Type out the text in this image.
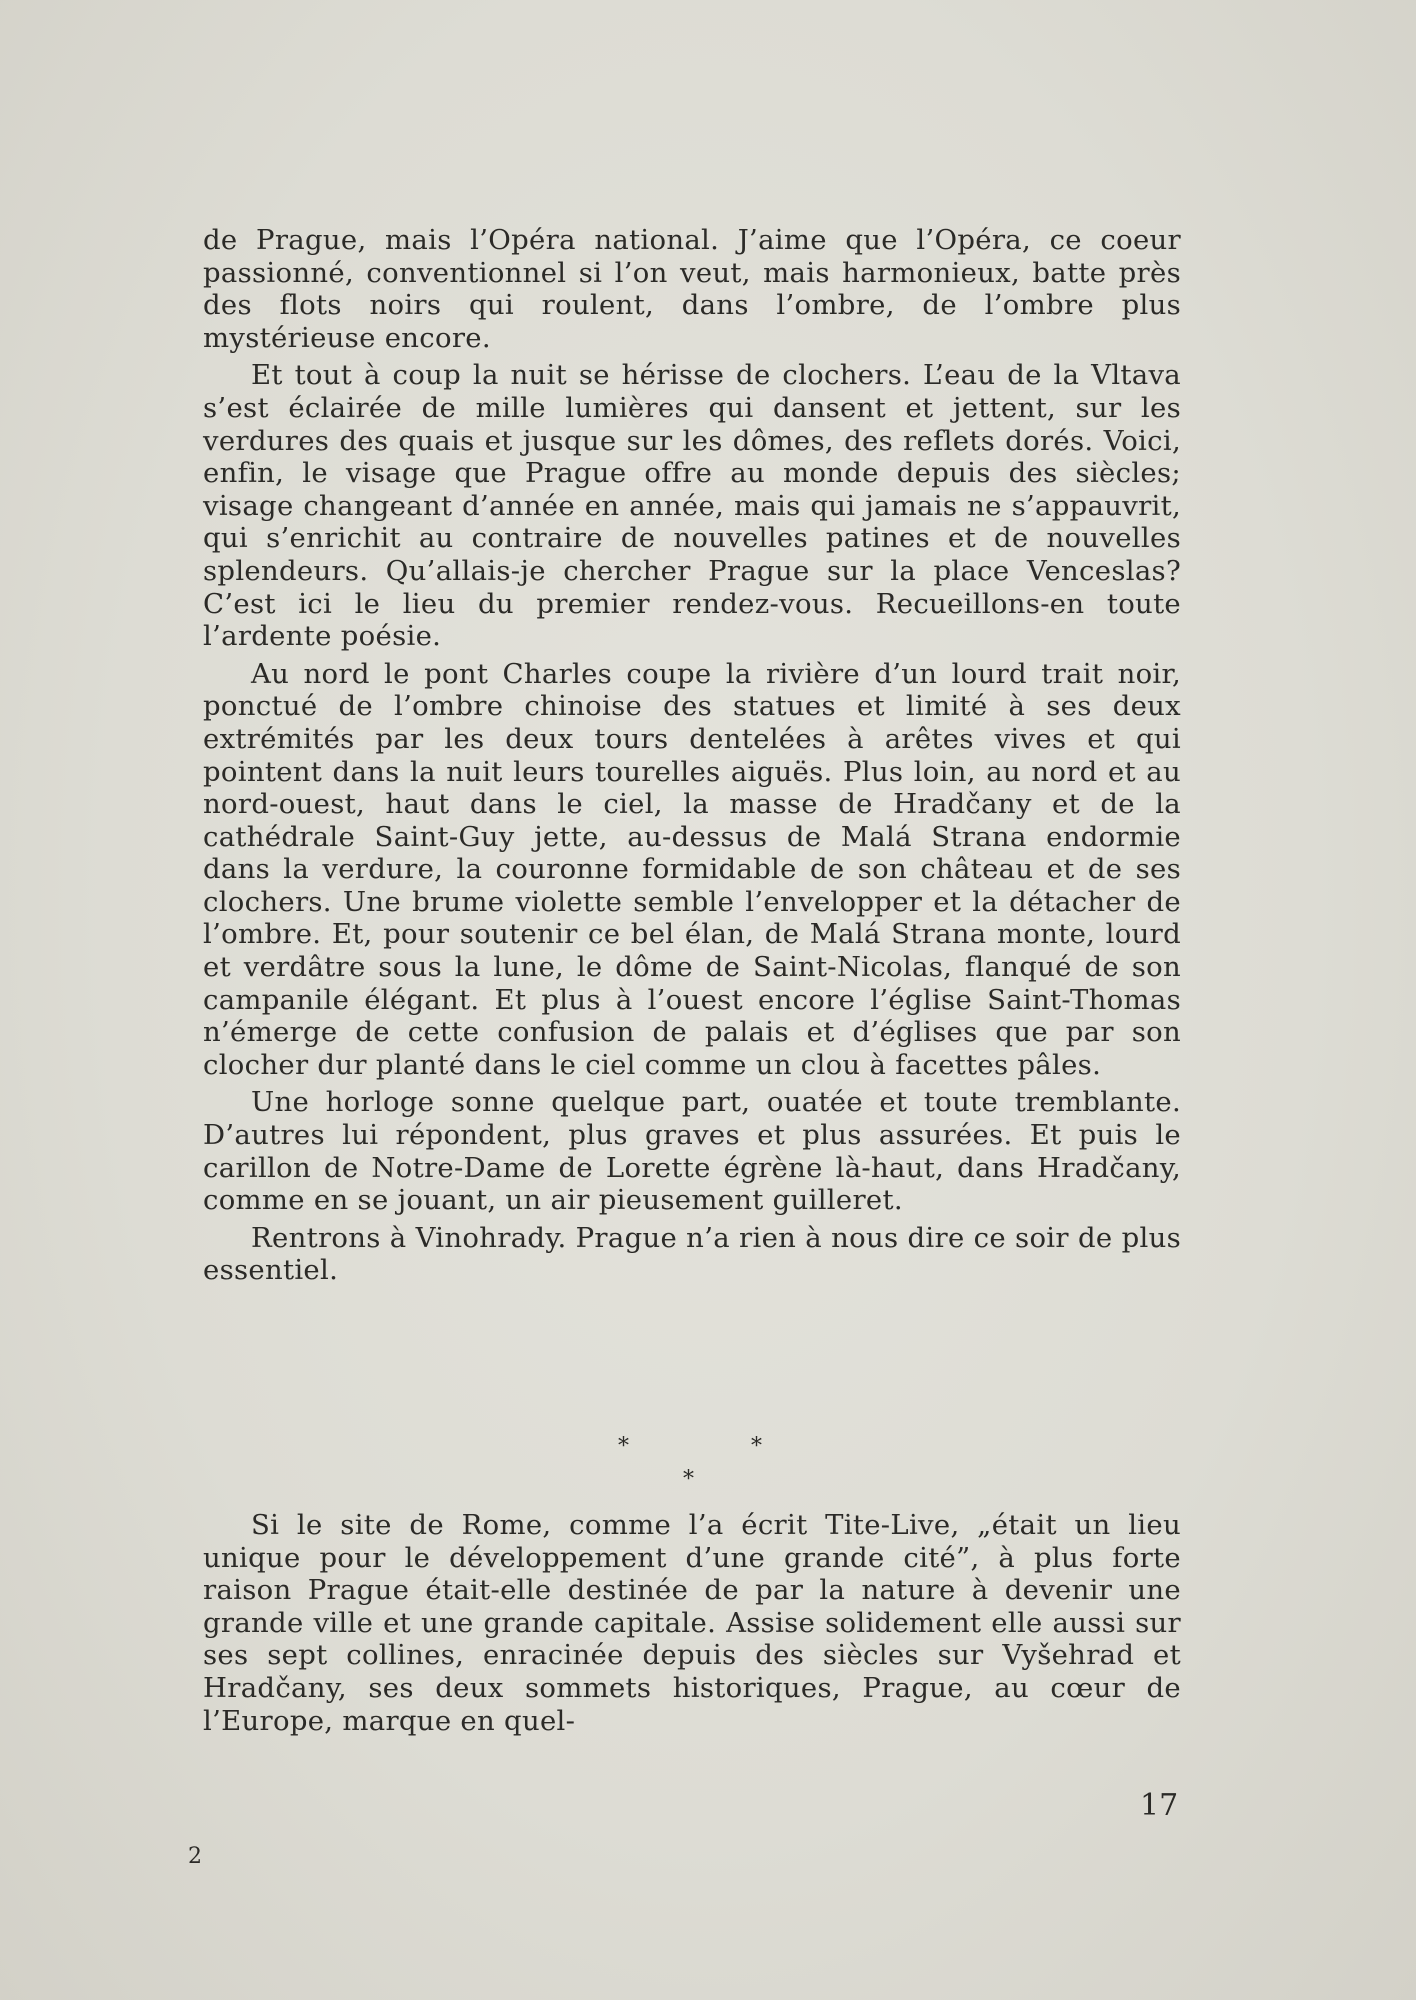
de Prague, mais l’Opéra national. J’aime que l’Opéra, ce coeur passionné, conventionnel si l’on veut, mais harmonieux, batte près des flots noirs qui roulent, dans l’ombre, de l’ombre plus mystérieuse encore.

Et tout à coup la nuit se hérisse de clochers. L’eau de la Vltava s’est éclairée de mille lumières qui dansent et jettent, sur les verdures des quais et jusque sur les dômes, des reflets dorés. Voici, enfin, le visage que Prague offre au monde depuis des siècles; visage changeant d’année en année, mais qui jamais ne s’appauvrit, qui s’enrichit au contraire de nouvelles patines et de nouvelles splendeurs. Qu’allais-je chercher Prague sur la place Venceslas? C’est ici le lieu du premier rendez-vous. Recueillons-en toute l’ardente poésie.

Au nord le pont Charles coupe la rivière d’un lourd trait noir, ponctué de l’ombre chinoise des statues et limité à ses deux extrémités par les deux tours dentelées à arêtes vives et qui pointent dans la nuit leurs tourelles aiguës. Plus loin, au nord et au nord-ouest, haut dans le ciel, la masse de Hradčany et de la cathédrale Saint-Guy jette, au-dessus de Malá Strana endormie dans la verdure, la couronne formidable de son château et de ses clochers. Une brume violette semble l’envelopper et la détacher de l’ombre. Et, pour soutenir ce bel élan, de Malá Strana monte, lourd et verdâtre sous la lune, le dôme de Saint-Nicolas, flanqué de son campanile élégant. Et plus à l’ouest encore l’église Saint-Thomas n’émerge de cette confusion de palais et d’églises que par son clocher dur planté dans le ciel comme un clou à facettes pâles.

Une horloge sonne quelque part, ouatée et toute tremblante. D’autres lui répondent, plus graves et plus assurées. Et puis le carillon de Notre-Dame de Lorette égrène là-haut, dans Hradčany, comme en se jouant, un air pieusement guilleret.

Rentrons à Vinohrady. Prague n’a rien à nous dire ce soir de plus essentiel.

*	*
*

Si le site de Rome, comme l’a écrit Tite-Live, „était un lieu unique pour le développement d’une grande cité”, à plus forte raison Prague était-elle destinée de par la nature à devenir une grande ville et une grande capitale. Assise solidement elle aussi sur ses sept collines, enracinée depuis des siècles sur Vyšehrad et Hradčany, ses deux sommets historiques, Prague, au cœur de l’Europe, marque en quel-

17
2
